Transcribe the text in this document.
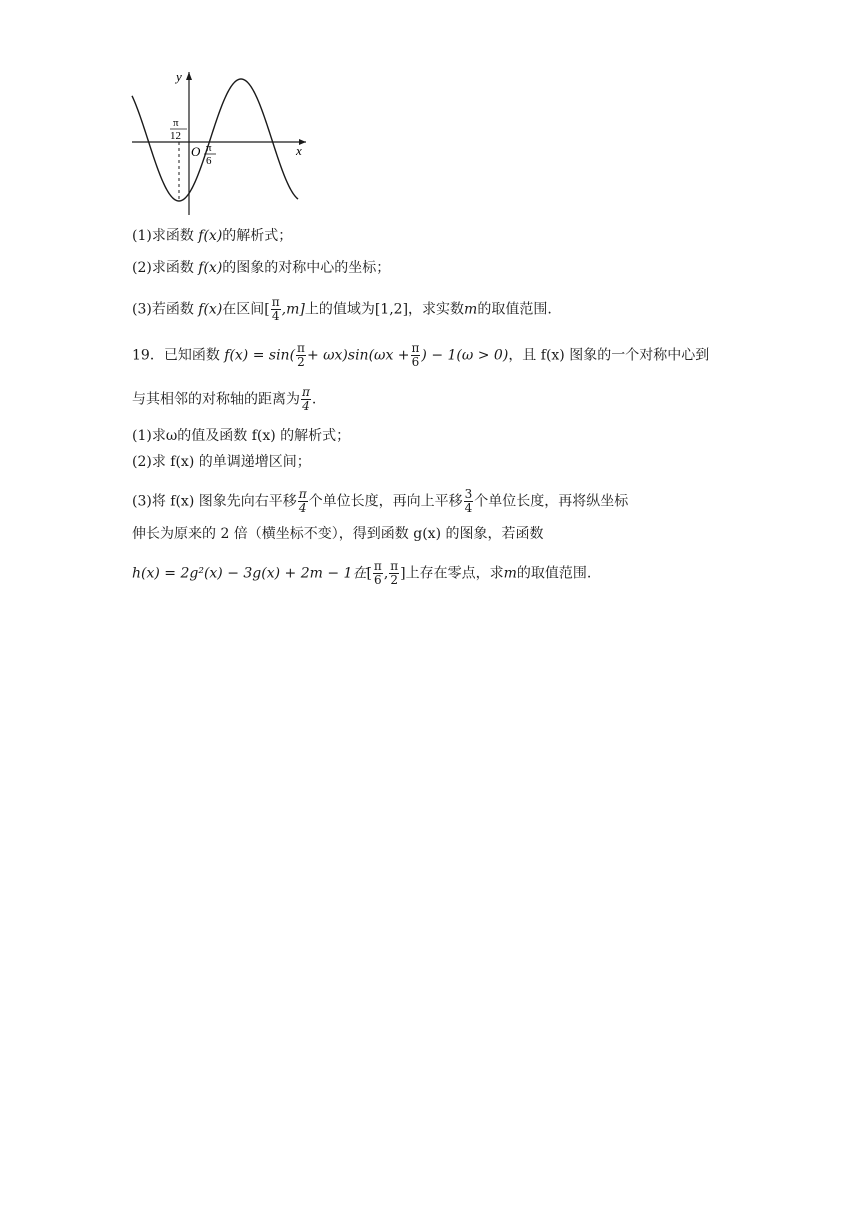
y
x
O
π
12
π
6
(1)求函数 f(x)的解析式；
(2)求函数 f(x)的图象的对称中心的坐标；
(3)若函数 f(x)在区间[ $\frac{\pi}{4} ,m$]上的值域为[1,2]，求实数m的取值范围.
19．已知函数 $f(x) = \sin( \frac{\pi}{2} + \omega x)\sin(\omega x + \frac{\pi}{6}$ ) − 1(ω > 0)，且 f(x) 图象的一个对称中心到
与其相邻的对称轴的距离为 $\frac{\pi}{4}$ .
(1)求ω的值及函数 f(x) 的解析式；
(2)求 f(x) 的单调递增区间；
(3)将 f(x) 图象先向右平移 $\frac{\pi}{4}$ 个单位长度，再向上平移 $\frac{3}{4}$ 个单位长度，再将纵坐标
伸长为原来的 2 倍（横坐标不变），得到函数 g(x) 的图象，若函数
h(x) = 2g²(x) − 3g(x) + 2m − 1在[ $\frac{\pi}{6}$ , $\frac{\pi}{2}$ ]上存在零点，求m的取值范围.
